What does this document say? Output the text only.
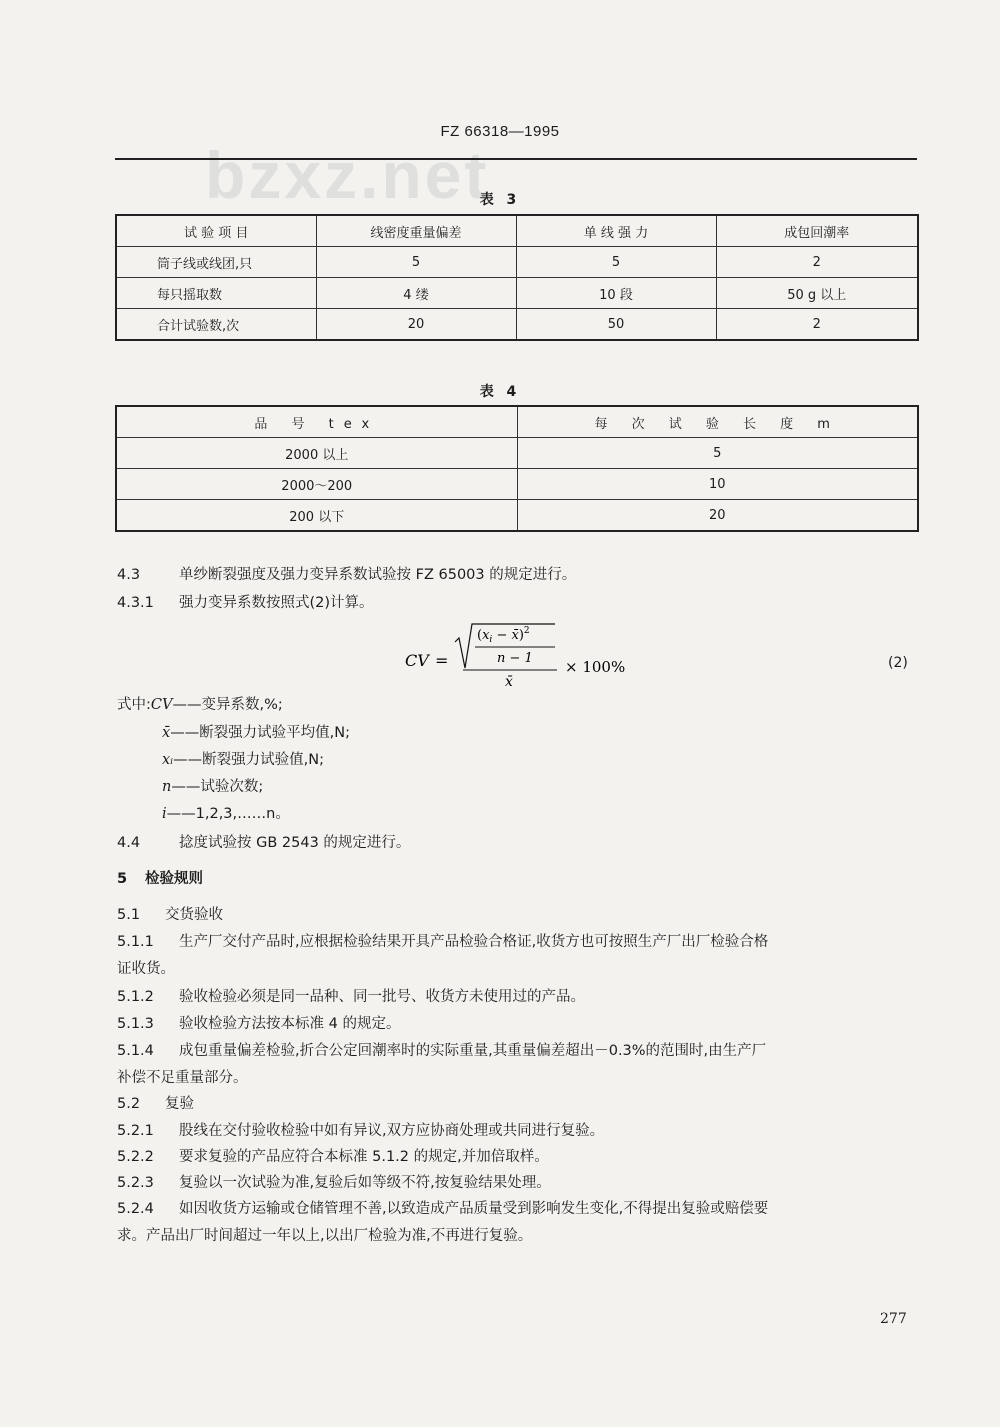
bzxz.net
FZ 66318—1995
表 3
试 验 项 目	线密度重量偏差	单 线 强 力	成包回潮率
筒子线或线团,只	5	5	2
每只摇取数	4 缕	10 段	50 g 以上
合计试验数,次	20	50	2
表 4
品 号 tex	每 次 试 验 长 度 m
2000 以上	5
2000～200	10
200 以下	20
4.3	单纱断裂强度及强力变异系数试验按 FZ 65003 的规定进行。
4.3.1 强力变异系数按照式(2)计算。
CV =
($x_i$ − x̄)$^2$
n − 1
x̄
× 100%	(2)
式中:CV——变异系数,%;
x̄——断裂强力试验平均值,N;
xᵢ——断裂强力试验值,N;
n——试验次数;
i——1,2,3,……n。
4.4	捻度试验按 GB 2543 的规定进行。
5 检验规则
5.1 交货验收
5.1.1 生产厂交付产品时,应根据检验结果开具产品检验合格证,收货方也可按照生产厂出厂检验合格
证收货。
5.1.2 验收检验必须是同一品种、同一批号、收货方未使用过的产品。
5.1.3 验收检验方法按本标准 4 的规定。
5.1.4 成包重量偏差检验,折合公定回潮率时的实际重量,其重量偏差超出－0.3%的范围时,由生产厂
补偿不足重量部分。
5.2 复验
5.2.1 股线在交付验收检验中如有异议,双方应协商处理或共同进行复验。
5.2.2 要求复验的产品应符合本标准 5.1.2 的规定,并加倍取样。
5.2.3 复验以一次试验为准,复验后如等级不符,按复验结果处理。
5.2.4 如因收货方运输或仓储管理不善,以致造成产品质量受到影响发生变化,不得提出复验或赔偿要
求。产品出厂时间超过一年以上,以出厂检验为准,不再进行复验。
277
